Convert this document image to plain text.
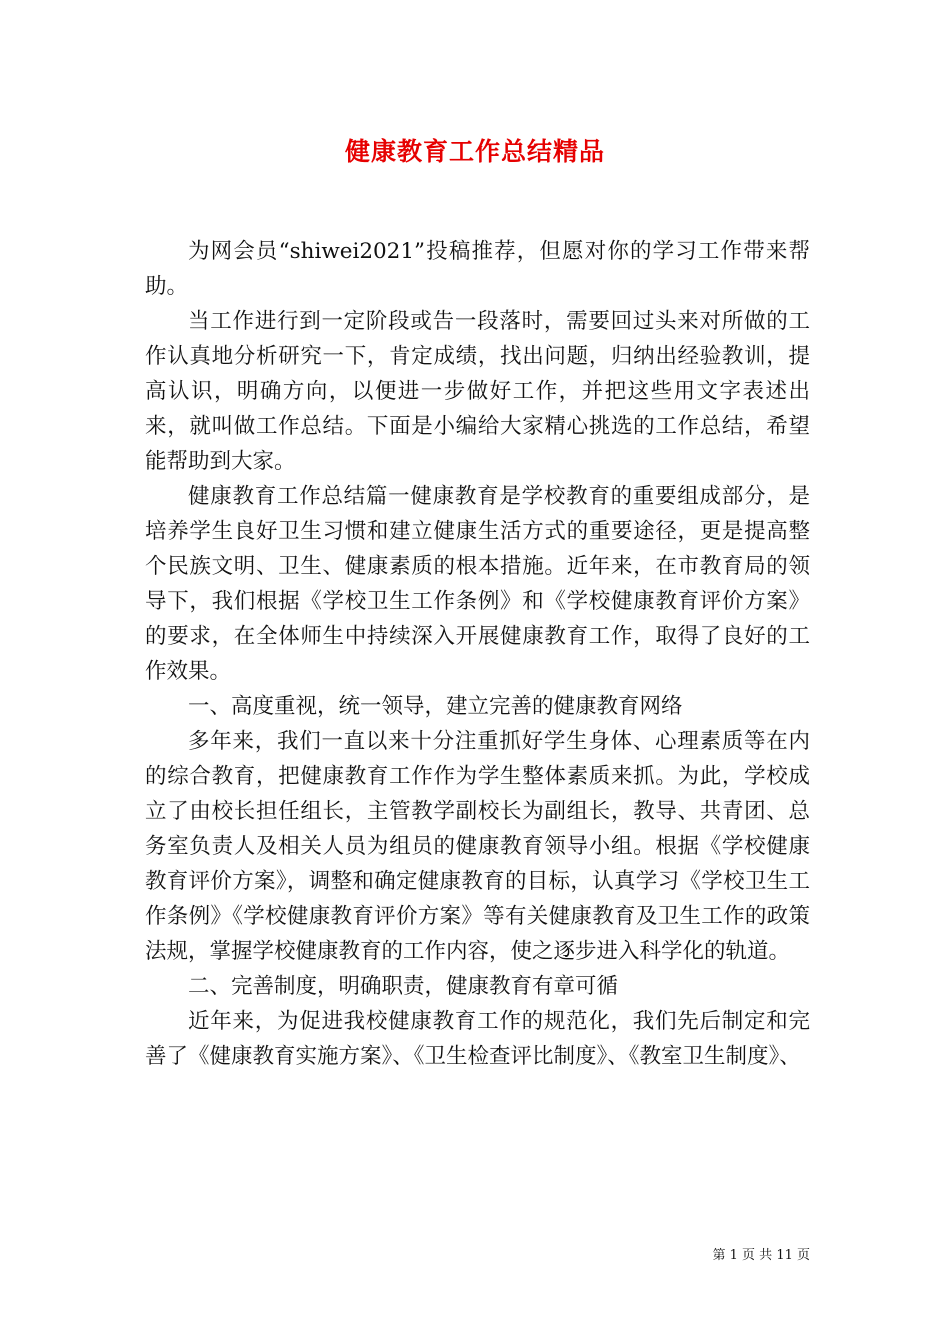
健康教育工作总结精品

为网会员“shiwei2021”投稿推荐，但愿对你的学习工作带来帮助。

当工作进行到一定阶段或告一段落时，需要回过头来对所做的工作认真地分析研究一下，肯定成绩，找出问题，归纳出经验教训，提高认识，明确方向，以便进一步做好工作，并把这些用文字表述出来，就叫做工作总结。下面是小编给大家精心挑选的工作总结，希望能帮助到大家。

健康教育工作总结篇一健康教育是学校教育的重要组成部分，是培养学生良好卫生习惯和建立健康生活方式的重要途径，更是提高整个民族文明、卫生、健康素质的根本措施。近年来，在市教育局的领导下，我们根据《学校卫生工作条例》和《学校健康教育评价方案》的要求，在全体师生中持续深入开展健康教育工作，取得了良好的工作效果。

一、高度重视，统一领导，建立完善的健康教育网络

多年来，我们一直以来十分注重抓好学生身体、心理素质等在内的综合教育，把健康教育工作作为学生整体素质来抓。为此，学校成立了由校长担任组长，主管教学副校长为副组长，教导、共青团、总务室负责人及相关人员为组员的健康教育领导小组。根据《学校健康教育评价方案》，调整和确定健康教育的目标，认真学习《学校卫生工作条例》《学校健康教育评价方案》等有关健康教育及卫生工作的政策法规，掌握学校健康教育的工作内容，使之逐步进入科学化的轨道。

二、完善制度，明确职责，健康教育有章可循

近年来，为促进我校健康教育工作的规范化，我们先后制定和完善了《健康教育实施方案》、《卫生检查评比制度》、《教室卫生制度》、

第 1 页 共 11 页
